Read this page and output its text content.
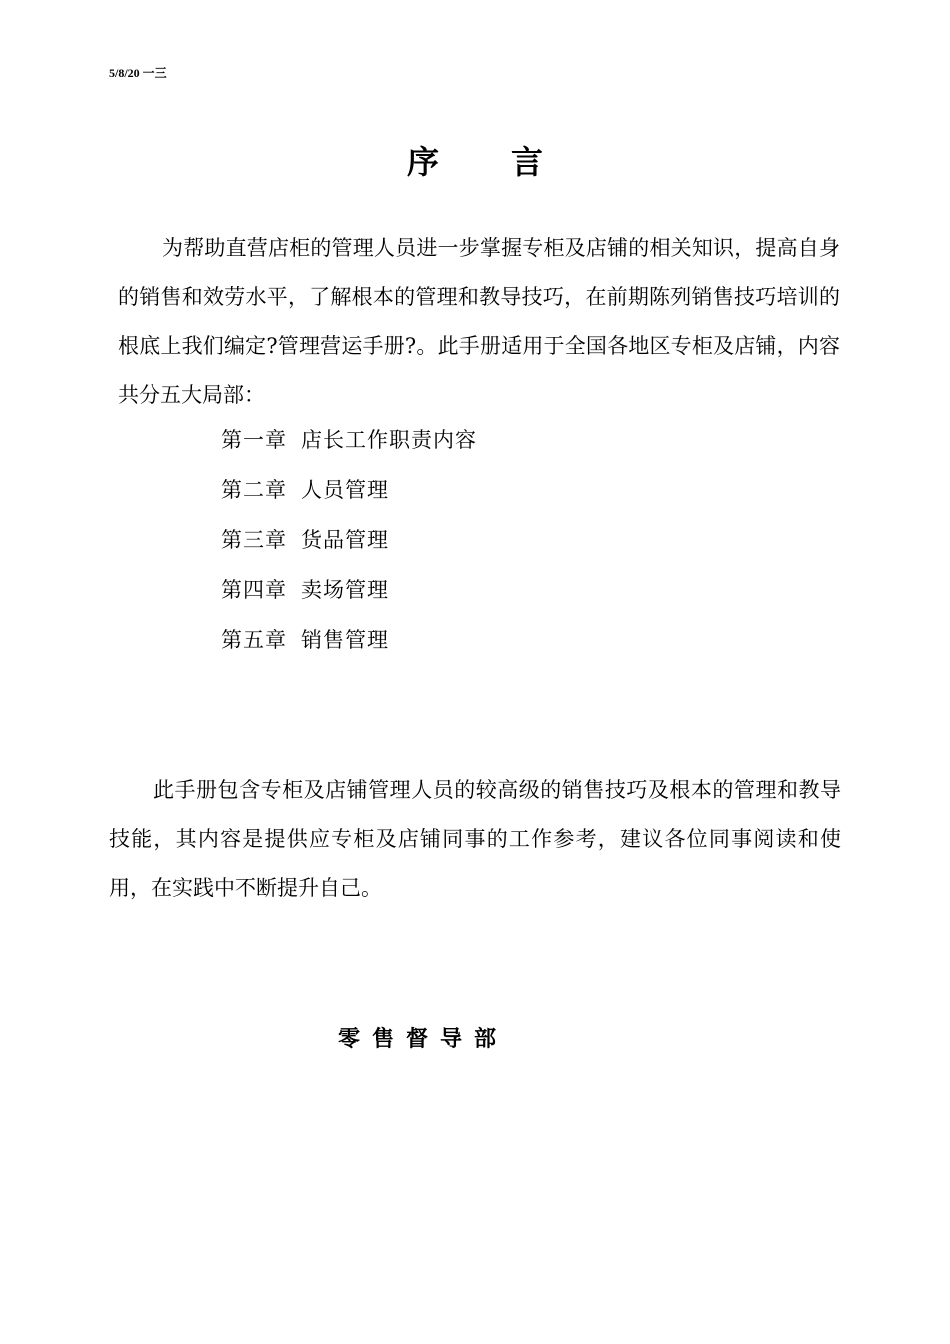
5/8/20 一三
序 言

为帮助直营店柜的管理人员进一步掌握专柜及店铺的相关知识，提高自身的销售和效劳水平，了解根本的管理和教导技巧，在前期陈列销售技巧培训的根底上我们编定?管理营运手册?。此手册适用于全国各地区专柜及店铺，内容共分五大局部：

第一章 店长工作职责内容
第二章 人员管理
第三章 货品管理
第四章 卖场管理
第五章 销售管理

此手册包含专柜及店铺管理人员的较高级的销售技巧及根本的管理和教导技能，其内容是提供应专柜及店铺同事的工作参考，建议各位同事阅读和使用，在实践中不断提升自己。

零售督导部
